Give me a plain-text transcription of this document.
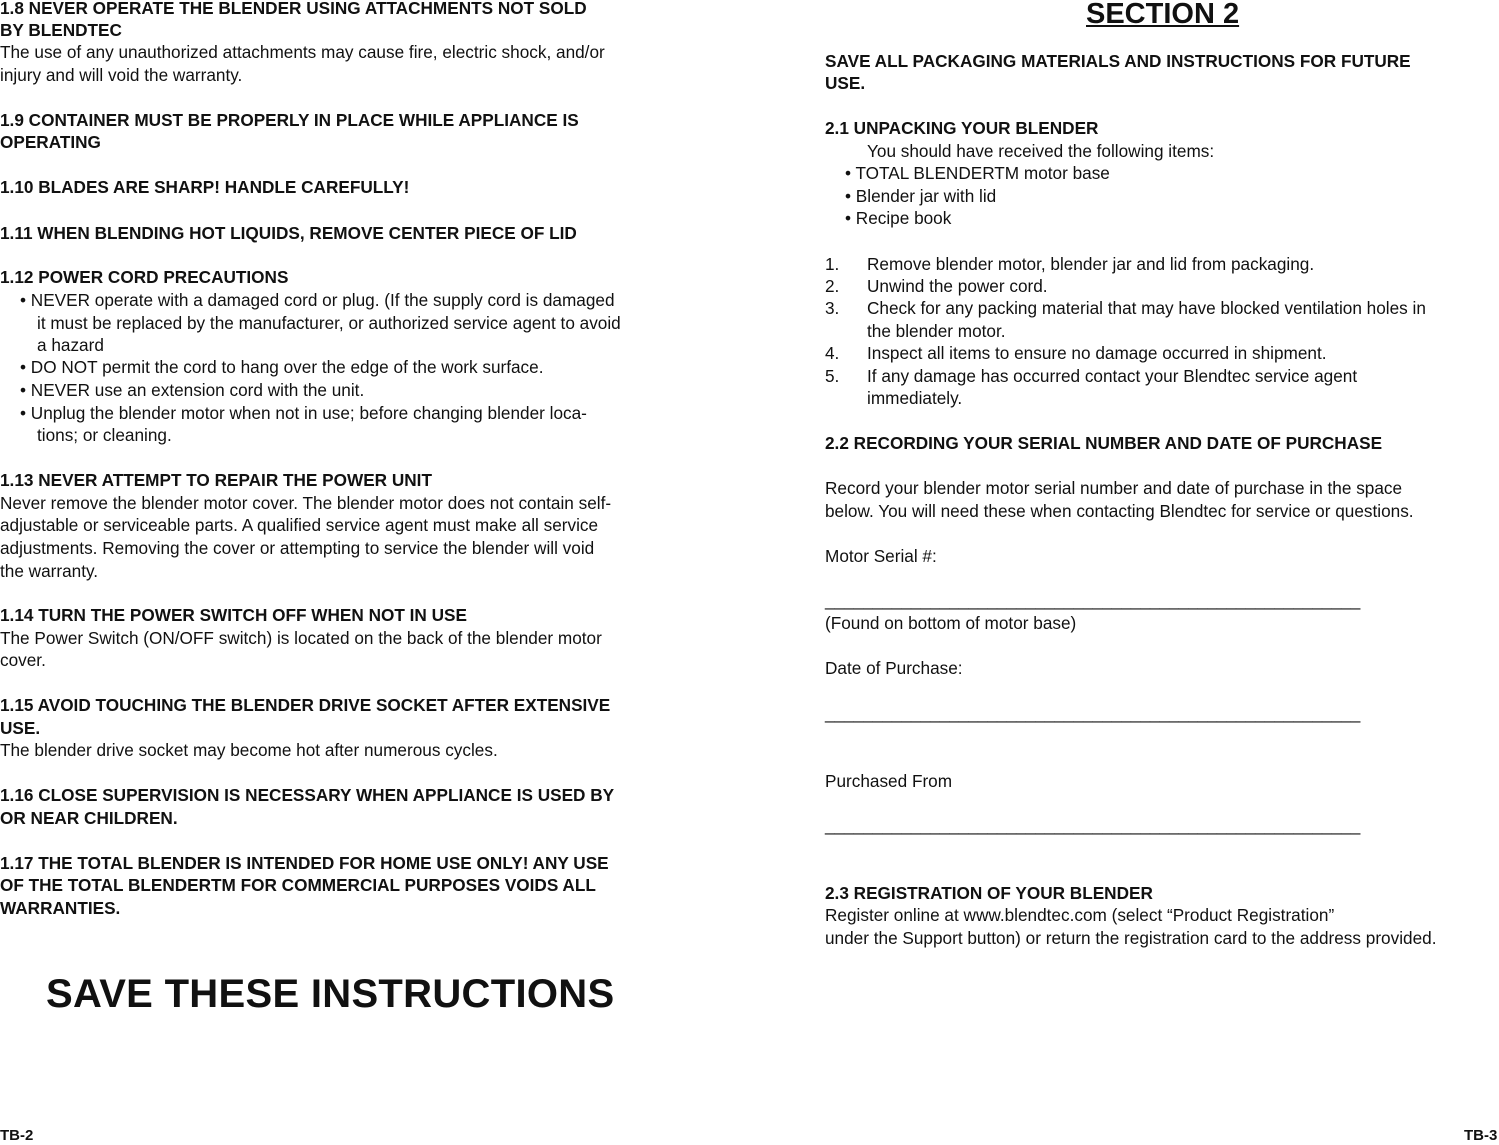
1.8 NEVER OPERATE THE BLENDER USING ATTACHMENTS NOT SOLD

BY BLENDTEC

The use of any unauthorized attachments may cause fire, electric shock, and/or

injury and will void the warranty.

1.9 CONTAINER MUST BE PROPERLY IN PLACE WHILE APPLIANCE IS

OPERATING

1.10 BLADES ARE SHARP! HANDLE CAREFULLY!

1.11 WHEN BLENDING HOT LIQUIDS, REMOVE CENTER PIECE OF LID

1.12 POWER CORD PRECAUTIONS

• NEVER operate with a damaged cord or plug. (If the supply cord is damaged

it must be replaced by the manufacturer, or authorized service agent to avoid

a hazard

• DO NOT permit the cord to hang over the edge of the work surface.

• NEVER use an extension cord with the unit.

• Unplug the blender motor when not in use; before changing blender loca-

tions; or cleaning.

1.13 NEVER ATTEMPT TO REPAIR THE POWER UNIT

Never remove the blender motor cover. The blender motor does not contain self-

adjustable or serviceable parts. A qualified service agent must make all service

adjustments. Removing the cover or attempting to service the blender will void

the warranty.

1.14 TURN THE POWER SWITCH OFF WHEN NOT IN USE

The Power Switch (ON/OFF switch) is located on the back of the blender motor

cover.

1.15 AVOID TOUCHING THE BLENDER DRIVE SOCKET AFTER EXTENSIVE

USE.

The blender drive socket may become hot after numerous cycles.

1.16 CLOSE SUPERVISION IS NECESSARY WHEN APPLIANCE IS USED BY

OR NEAR CHILDREN.

1.17 THE TOTAL BLENDER IS INTENDED FOR HOME USE ONLY! ANY USE

OF THE TOTAL BLENDERTM FOR COMMERCIAL PURPOSES VOIDS ALL

WARRANTIES.

SAVE THESE INSTRUCTIONS

TB-2

SECTION 2

SAVE ALL PACKAGING MATERIALS AND INSTRUCTIONS FOR FUTURE

USE.

2.1 UNPACKING YOUR BLENDER

You should have received the following items:

• TOTAL BLENDERTM motor base

• Blender jar with lid

• Recipe book

1. Remove blender motor, blender jar and lid from packaging.

2. Unwind the power cord.

3. Check for any packing material that may have blocked ventilation holes in

the blender motor.

4. Inspect all items to ensure no damage occurred in shipment.

5. If any damage has occurred contact your Blendtec service agent

immediately.

2.2 RECORDING YOUR SERIAL NUMBER AND DATE OF PURCHASE

Record your blender motor serial number and date of purchase in the space

below. You will need these when contacting Blendtec for service or questions.

Motor Serial #:

________________________________________________________

(Found on bottom of motor base)

Date of Purchase:

________________________________________________________

Purchased From

________________________________________________________

2.3 REGISTRATION OF YOUR BLENDER

Register online at www.blendtec.com (select “Product Registration”

under the Support button) or return the registration card to the address provided.

TB-3
